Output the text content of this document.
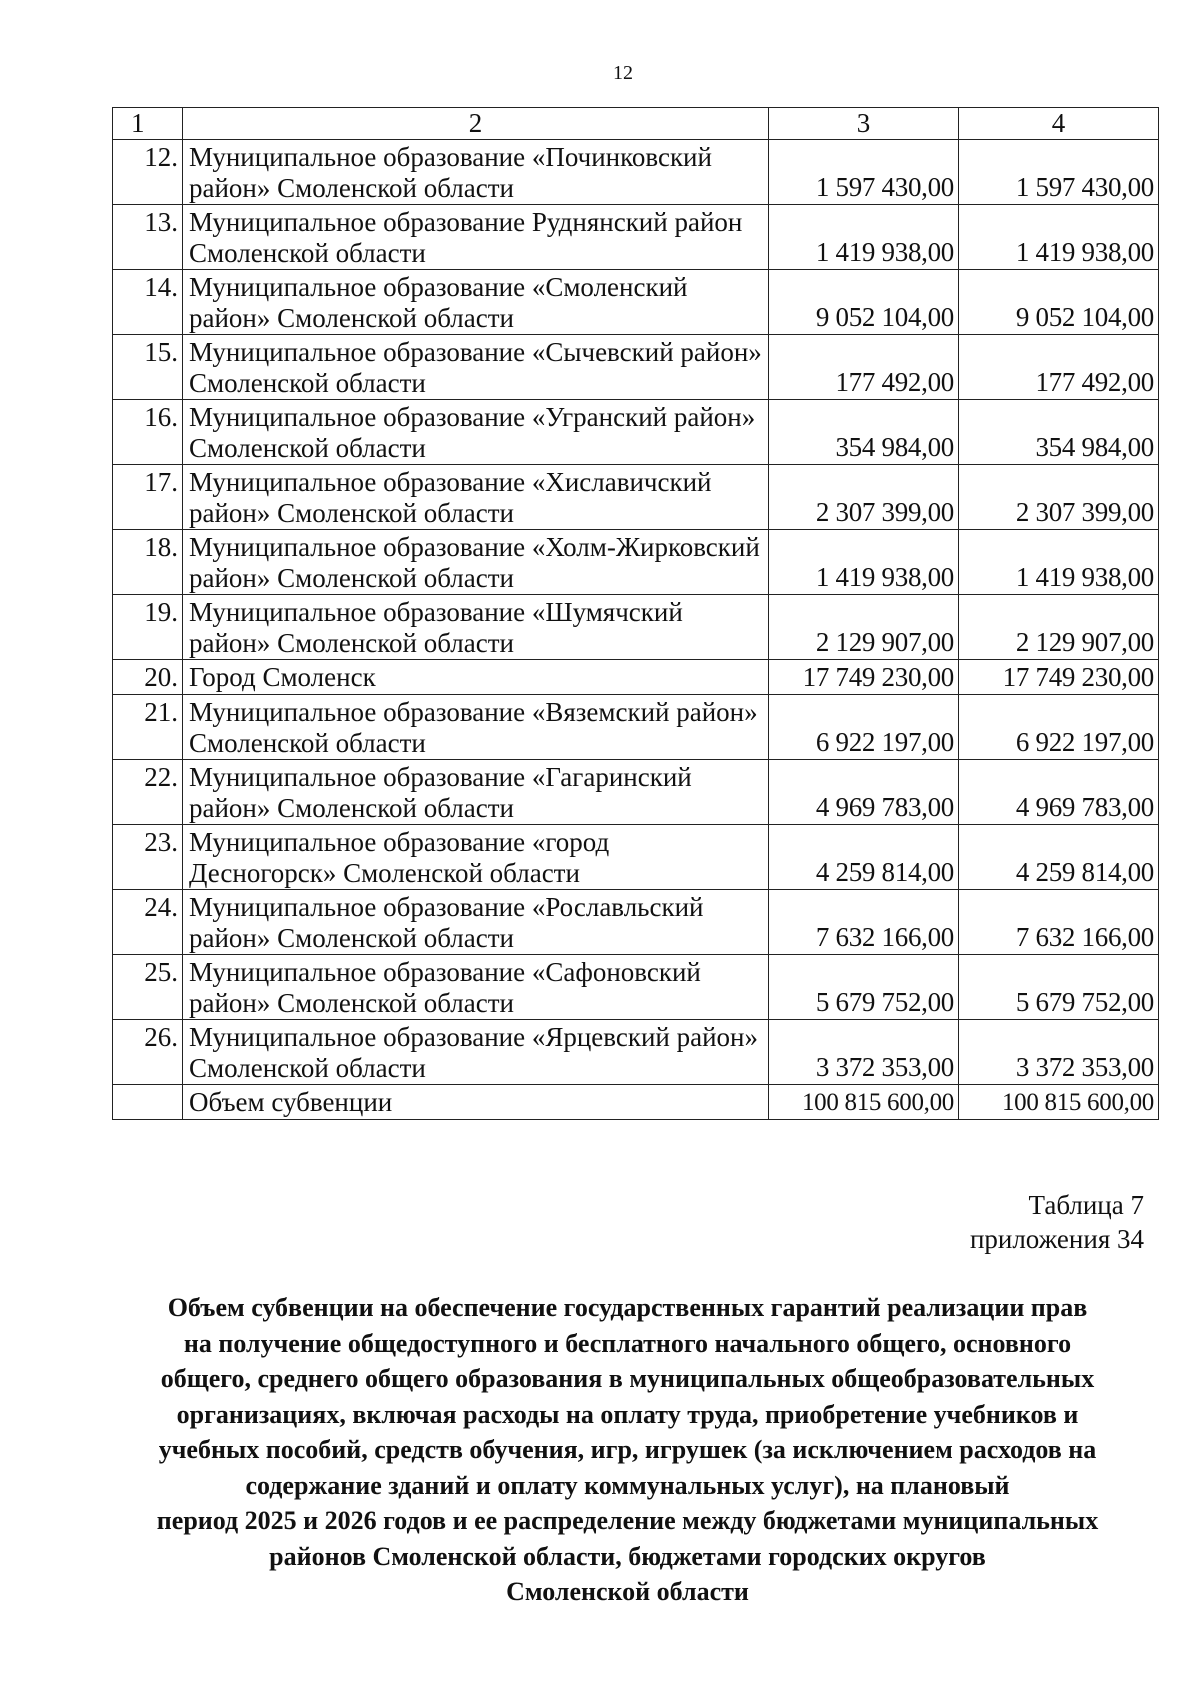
12
1	2	3	4
12.	Муниципальное образование «Починковский район» Смоленской области	1 597 430,00	1 597 430,00
13.	Муниципальное образование Руднянский район Смоленской области	1 419 938,00	1 419 938,00
14.	Муниципальное образование «Смоленский район» Смоленской области	9 052 104,00	9 052 104,00
15.	Муниципальное образование «Сычевский район» Смоленской области	177 492,00	177 492,00
16.	Муниципальное образование «Угранский район» Смоленской области	354 984,00	354 984,00
17.	Муниципальное образование «Хиславичский район» Смоленской области	2 307 399,00	2 307 399,00
18.	Муниципальное образование «Холм-Жирковский район» Смоленской области	1 419 938,00	1 419 938,00
19.	Муниципальное образование «Шумячский район» Смоленской области	2 129 907,00	2 129 907,00
20.	Город Смоленск	17 749 230,00	17 749 230,00
21.	Муниципальное образование «Вяземский район» Смоленской области	6 922 197,00	6 922 197,00
22.	Муниципальное образование «Гагаринский район» Смоленской области	4 969 783,00	4 969 783,00
23.	Муниципальное образование «город Десногорск» Смоленской области	4 259 814,00	4 259 814,00
24.	Муниципальное образование «Рославльский район» Смоленской области	7 632 166,00	7 632 166,00
25.	Муниципальное образование «Сафоновский район» Смоленской области	5 679 752,00	5 679 752,00
26.	Муниципальное образование «Ярцевский район» Смоленской области	3 372 353,00	3 372 353,00
	Объем субвенции	100 815 600,00	100 815 600,00
Таблица 7
приложения 34
Объем субвенции на обеспечение государственных гарантий реализации прав
на получение общедоступного и бесплатного начального общего, основного
общего, среднего общего образования в муниципальных общеобразовательных
организациях, включая расходы на оплату труда, приобретение учебников и
учебных пособий, средств обучения, игр, игрушек (за исключением расходов на
содержание зданий и оплату коммунальных услуг), на плановый
период 2025 и 2026 годов и ее распределение между бюджетами муниципальных
районов Смоленской области, бюджетами городских округов
Смоленской области
